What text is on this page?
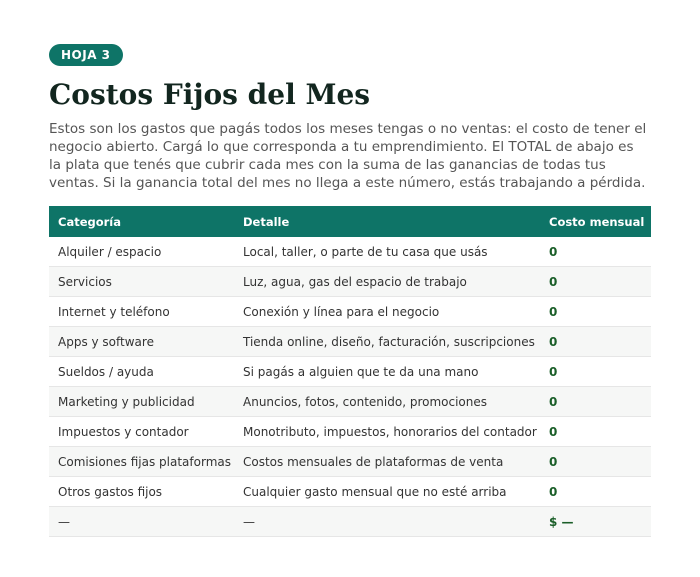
HOJA 3
Costos Fijos del Mes

Estos son los gastos que pagás todos los meses tengas o no ventas: el costo de tener el negocio abierto. Cargá lo que corresponda a tu emprendimiento. El TOTAL de abajo es la plata que tenés que cubrir cada mes con la suma de las ganancias de todas tus ventas. Si la ganancia total del mes no llega a este número, estás trabajando a pérdida.

Categoría	Detalle	Costo mensual
Alquiler / espacio	Local, taller, o parte de tu casa que usás	0
Servicios	Luz, agua, gas del espacio de trabajo	0
Internet y teléfono	Conexión y línea para el negocio	0
Apps y software	Tienda online, diseño, facturación, suscripciones	0
Sueldos / ayuda	Si pagás a alguien que te da una mano	0
Marketing y publicidad	Anuncios, fotos, contenido, promociones	0
Impuestos y contador	Monotributo, impuestos, honorarios del contador	0
Comisiones fijas plataformas	Costos mensuales de plataformas de venta	0
Otros gastos fijos	Cualquier gasto mensual que no esté arriba	0
—	—	$ —
